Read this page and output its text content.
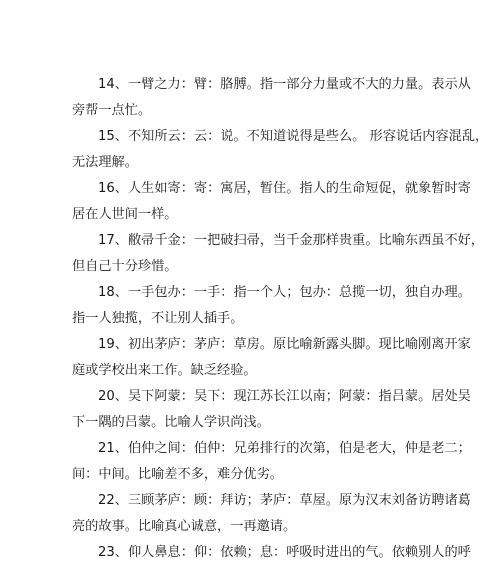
14、一臂之力：臂：胳膊。指一部分力量或不大的力量。表示从
旁帮一点忙。

15、不知所云：云：说。不知道说得是些么。 形容说话内容混乱，
无法理解。

16、人生如寄：寄：寓居，暂住。指人的生命短促，就象暂时寄
居在人世间一样。

17、敝帚千金：一把破扫帚，当千金那样贵重。比喻东西虽不好，
但自己十分珍惜。

18、一手包办：一手：指一个人；包办：总揽一切，独自办理。
指一人独揽，不让别人插手。

19、初出茅庐：茅庐：草房。原比喻新露头脚。现比喻刚离开家
庭或学校出来工作。缺乏经验。

20、吴下阿蒙：吴下：现江苏长江以南；阿蒙：指吕蒙。居处吴
下一隅的吕蒙。比喻人学识尚浅。

21、伯仲之间：伯仲：兄弟排行的次第，伯是老大，仲是老二；
间：中间。比喻差不多，难分优劣。

22、三顾茅庐：顾：拜访；茅庐：草屋。原为汉末刘备访聘诸葛
亮的故事。比喻真心诚意，一再邀请。

23、仰人鼻息：仰：依赖；息：呼吸时进出的气。依赖别人的呼
